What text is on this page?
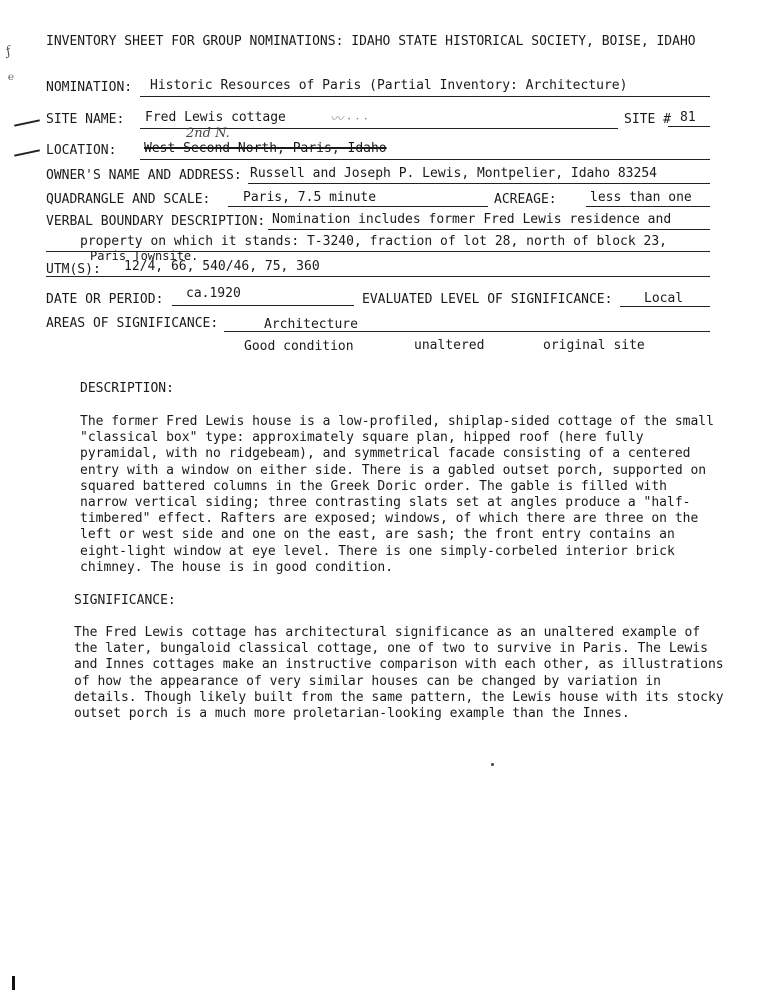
INVENTORY SHEET FOR GROUP NOMINATIONS: IDAHO STATE HISTORICAL SOCIETY, BOISE, IDAHO
ƒ
℮
NOMINATION: Historic Resources of Paris (Partial Inventory: Architecture)
SITE NAME: Fred Lewis cottage	〰 · · ·	SITE # 81
2nd N.
LOCATION: West Second North, Paris, Idaho
OWNER'S NAME AND ADDRESS: Russell and Joseph P. Lewis, Montpelier, Idaho 83254
QUADRANGLE AND SCALE:	Paris, 7.5 minute	ACREAGE:	less than one
VERBAL BOUNDARY DESCRIPTION: Nomination includes former Fred Lewis residence and
property on which it stands: T-3240, fraction of lot 28, north of block 23,
Paris Townsite.
UTM(S): 12/4, 66, 540/46, 75, 360
DATE OR PERIOD: ca.1920	EVALUATED LEVEL OF SIGNIFICANCE: Local
AREAS OF SIGNIFICANCE:	Architecture
Good condition	unaltered	original site
DESCRIPTION:
The former Fred Lewis house is a low-profiled, shiplap-sided cottage of the small "classical box" type: approximately square plan, hipped roof (here fully pyramidal, with no ridgebeam), and symmetrical facade consisting of a centered entry with a window on either side. There is a gabled outset porch, supported on squared battered columns in the Greek Doric order. The gable is filled with narrow vertical siding; three contrasting slats set at angles produce a "half-timbered" effect. Rafters are exposed; windows, of which there are three on the left or west side and one on the east, are sash; the front entry contains an eight-light window at eye level. There is one simply-corbeled interior brick chimney. The house is in good condition.
SIGNIFICANCE:
The Fred Lewis cottage has architectural significance as an unaltered example of the later, bungaloid classical cottage, one of two to survive in Paris. The Lewis and Innes cottages make an instructive comparison with each other, as illustrations of how the appearance of very similar houses can be changed by variation in details. Though likely built from the same pattern, the Lewis house with its stocky outset porch is a much more proletarian-looking example than the Innes.
